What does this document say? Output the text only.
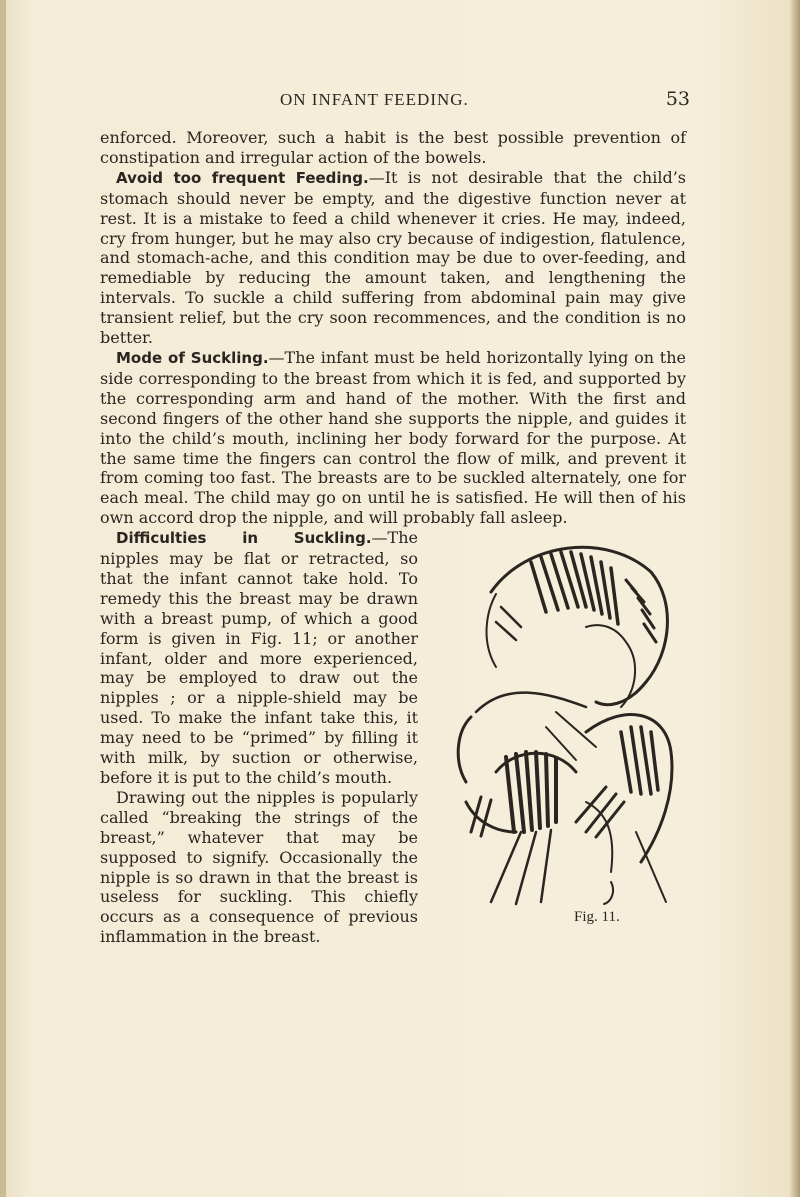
ON INFANT FEEDING.	53

enforced. Moreover, such a habit is the best possible prevention of constipation and irregular action of the bowels.

Avoid too frequent Feeding.—It is not desirable that the child’s stomach should never be empty, and the digestive function never at rest. It is a mistake to feed a child whenever it cries. He may, indeed, cry from hunger, but he may also cry because of indigestion, flatulence, and stomach-ache, and this condition may be due to over-feeding, and remediable by reducing the amount taken, and lengthening the intervals. To suckle a child suffering from abdominal pain may give transient relief, but the cry soon recommences, and the condition is no better.

Mode of Suckling.—The infant must be held horizontally lying on the side corresponding to the breast from which it is fed, and supported by the corresponding arm and hand of the mother. With the first and second fingers of the other hand she supports the nipple, and guides it into the child’s mouth, inclining her body forward for the purpose. At the same time the fingers can control the flow of milk, and prevent it from coming too fast. The breasts are to be suckled alternately, one for each meal. The child may go on until he is satisfied. He will then of his own accord drop the nipple, and will probably fall asleep.

Fig. 11.
Difficulties in Suckling.—The nipples may be flat or retracted, so that the infant cannot take hold. To remedy this the breast may be drawn with a breast pump, of which a good form is given in Fig. 11; or another infant, older and more experienced, may be employed to draw out the nipples ; or a nipple-shield may be used. To make the infant take this, it may need to be “primed” by filling it with milk, by suction or otherwise, before it is put to the child’s mouth.

Drawing out the nipples is popularly called “breaking the strings of the breast,” whatever that may be supposed to signify. Occasionally the nipple is so drawn in that the breast is useless for suckling. This chiefly occurs as a consequence of previous inflammation in the breast.
